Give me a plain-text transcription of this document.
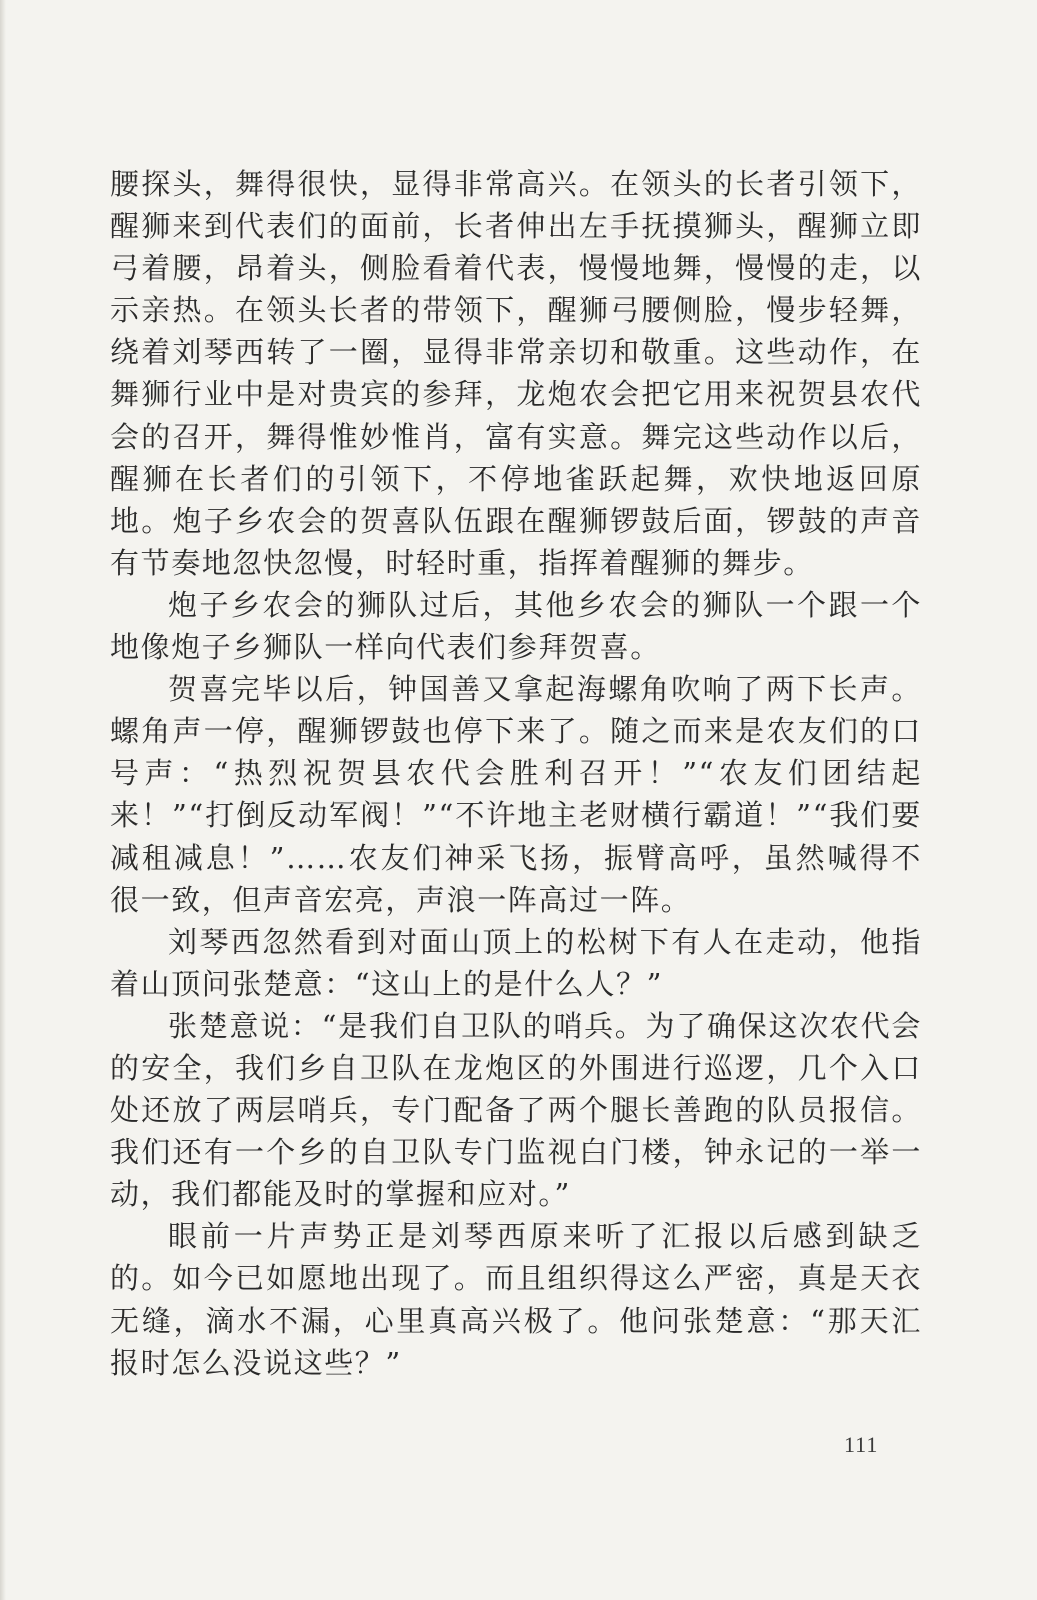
腰探头，舞得很快，显得非常高兴。在领头的长者引领下，醒狮来到代表们的面前，长者伸出左手抚摸狮头，醒狮立即弓着腰，昂着头，侧脸看着代表，慢慢地舞，慢慢的走，以示亲热。在领头长者的带领下，醒狮弓腰侧脸，慢步轻舞，绕着刘琴西转了一圈，显得非常亲切和敬重。这些动作，在舞狮行业中是对贵宾的参拜，龙炮农会把它用来祝贺县农代会的召开，舞得惟妙惟肖，富有实意。舞完这些动作以后，醒狮在长者们的引领下，不停地雀跃起舞，欢快地返回原地。炮子乡农会的贺喜队伍跟在醒狮锣鼓后面，锣鼓的声音有节奏地忽快忽慢，时轻时重，指挥着醒狮的舞步。

炮子乡农会的狮队过后，其他乡农会的狮队一个跟一个地像炮子乡狮队一样向代表们参拜贺喜。

贺喜完毕以后，钟国善又拿起海螺角吹响了两下长声。螺角声一停，醒狮锣鼓也停下来了。随之而来是农友们的口号声：“热烈祝贺县农代会胜利召开！”“农友们团结起来！”“打倒反动军阀！”“不许地主老财横行霸道！”“我们要减租减息！”……农友们神采飞扬，振臂高呼，虽然喊得不很一致，但声音宏亮，声浪一阵高过一阵。

刘琴西忽然看到对面山顶上的松树下有人在走动，他指着山顶问张楚意：“这山上的是什么人？”

张楚意说：“是我们自卫队的哨兵。为了确保这次农代会的安全，我们乡自卫队在龙炮区的外围进行巡逻，几个入口处还放了两层哨兵，专门配备了两个腿长善跑的队员报信。我们还有一个乡的自卫队专门监视白门楼，钟永记的一举一动，我们都能及时的掌握和应对。”

眼前一片声势正是刘琴西原来听了汇报以后感到缺乏的。如今已如愿地出现了。而且组织得这么严密，真是天衣无缝，滴水不漏，心里真高兴极了。他问张楚意：“那天汇报时怎么没说这些？”

111
